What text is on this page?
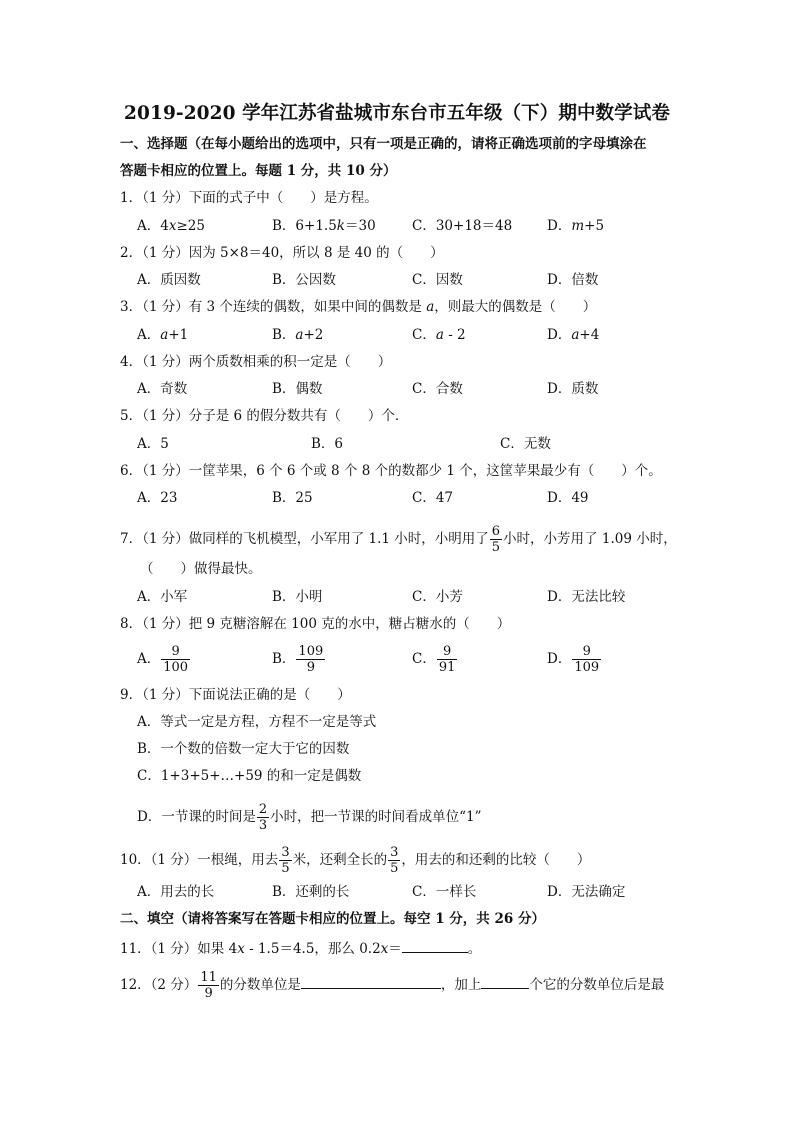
2019-2020 学年江苏省盐城市东台市五年级（下）期中数学试卷
一、选择题（在每小题给出的选项中，只有一项是正确的，请将正确选项前的字母填涂在
答题卡相应的位置上。每题 1 分，共 10 分）
1．（1 分）下面的式子中（　　）是方程。
A．4x≥25	B．6+1.5k＝30	C．30+18＝48	D．m+5
2．（1 分）因为 5×8＝40，所以 8 是 40 的（　　）
A．质因数	B．公因数	C．因数	D．倍数
3．（1 分）有 3 个连续的偶数，如果中间的偶数是 a，则最大的偶数是（　　）
A．a+1	B．a+2	C．a - 2	D．a+4
4．（1 分）两个质数相乘的积一定是（　　）
A．奇数	B．偶数	C．合数	D．质数
5．（1 分）分子是 6 的假分数共有（　　）个．
A．5	B．6	C．无数
6．（1 分）一筐苹果，6 个 6 个或 8 个 8 个的数都少 1 个，这筐苹果最少有（　　）个。
A．23	B．25	C．47	D．49
7．（1 分）做同样的飞机模型，小军用了 1.1 小时，小明用了 $\frac{6}{5}$ 小时，小芳用了 1.09 小时，
（　　）做得最快。
A．小军	B．小明	C．小芳	D．无法比较
8．（1 分）把 9 克糖溶解在 100 克的水中，糖占糖水的（　　）
A． $\frac{9}{100}$	B． $\frac{109}{9}$	C． $\frac{9}{91}$	D． $\frac{9}{109}$
9．（1 分）下面说法正确的是（　　）
A．等式一定是方程，方程不一定是等式
B．一个数的倍数一定大于它的因数
C．1+3+5+…+59 的和一定是偶数
D．一节课的时间是 $\frac{2}{3}$ 小时，把一节课的时间看成单位“1”
10．（1 分）一根绳，用去 $\frac{3}{5}$ 米，还剩全长的 $\frac{3}{5}$ ，用去的和还剩的比较（　　）
A．用去的长	B．还剩的长	C．一样长	D．无法确定
二、填空（请将答案写在答题卡相应的位置上。每空 1 分，共 26 分）
11．（1 分）如果 4x - 1.5＝4.5，那么 0.2x＝	。
12．（2 分） $\frac{11}{9}$ 的分数单位是	，加上	个它的分数单位后是最
